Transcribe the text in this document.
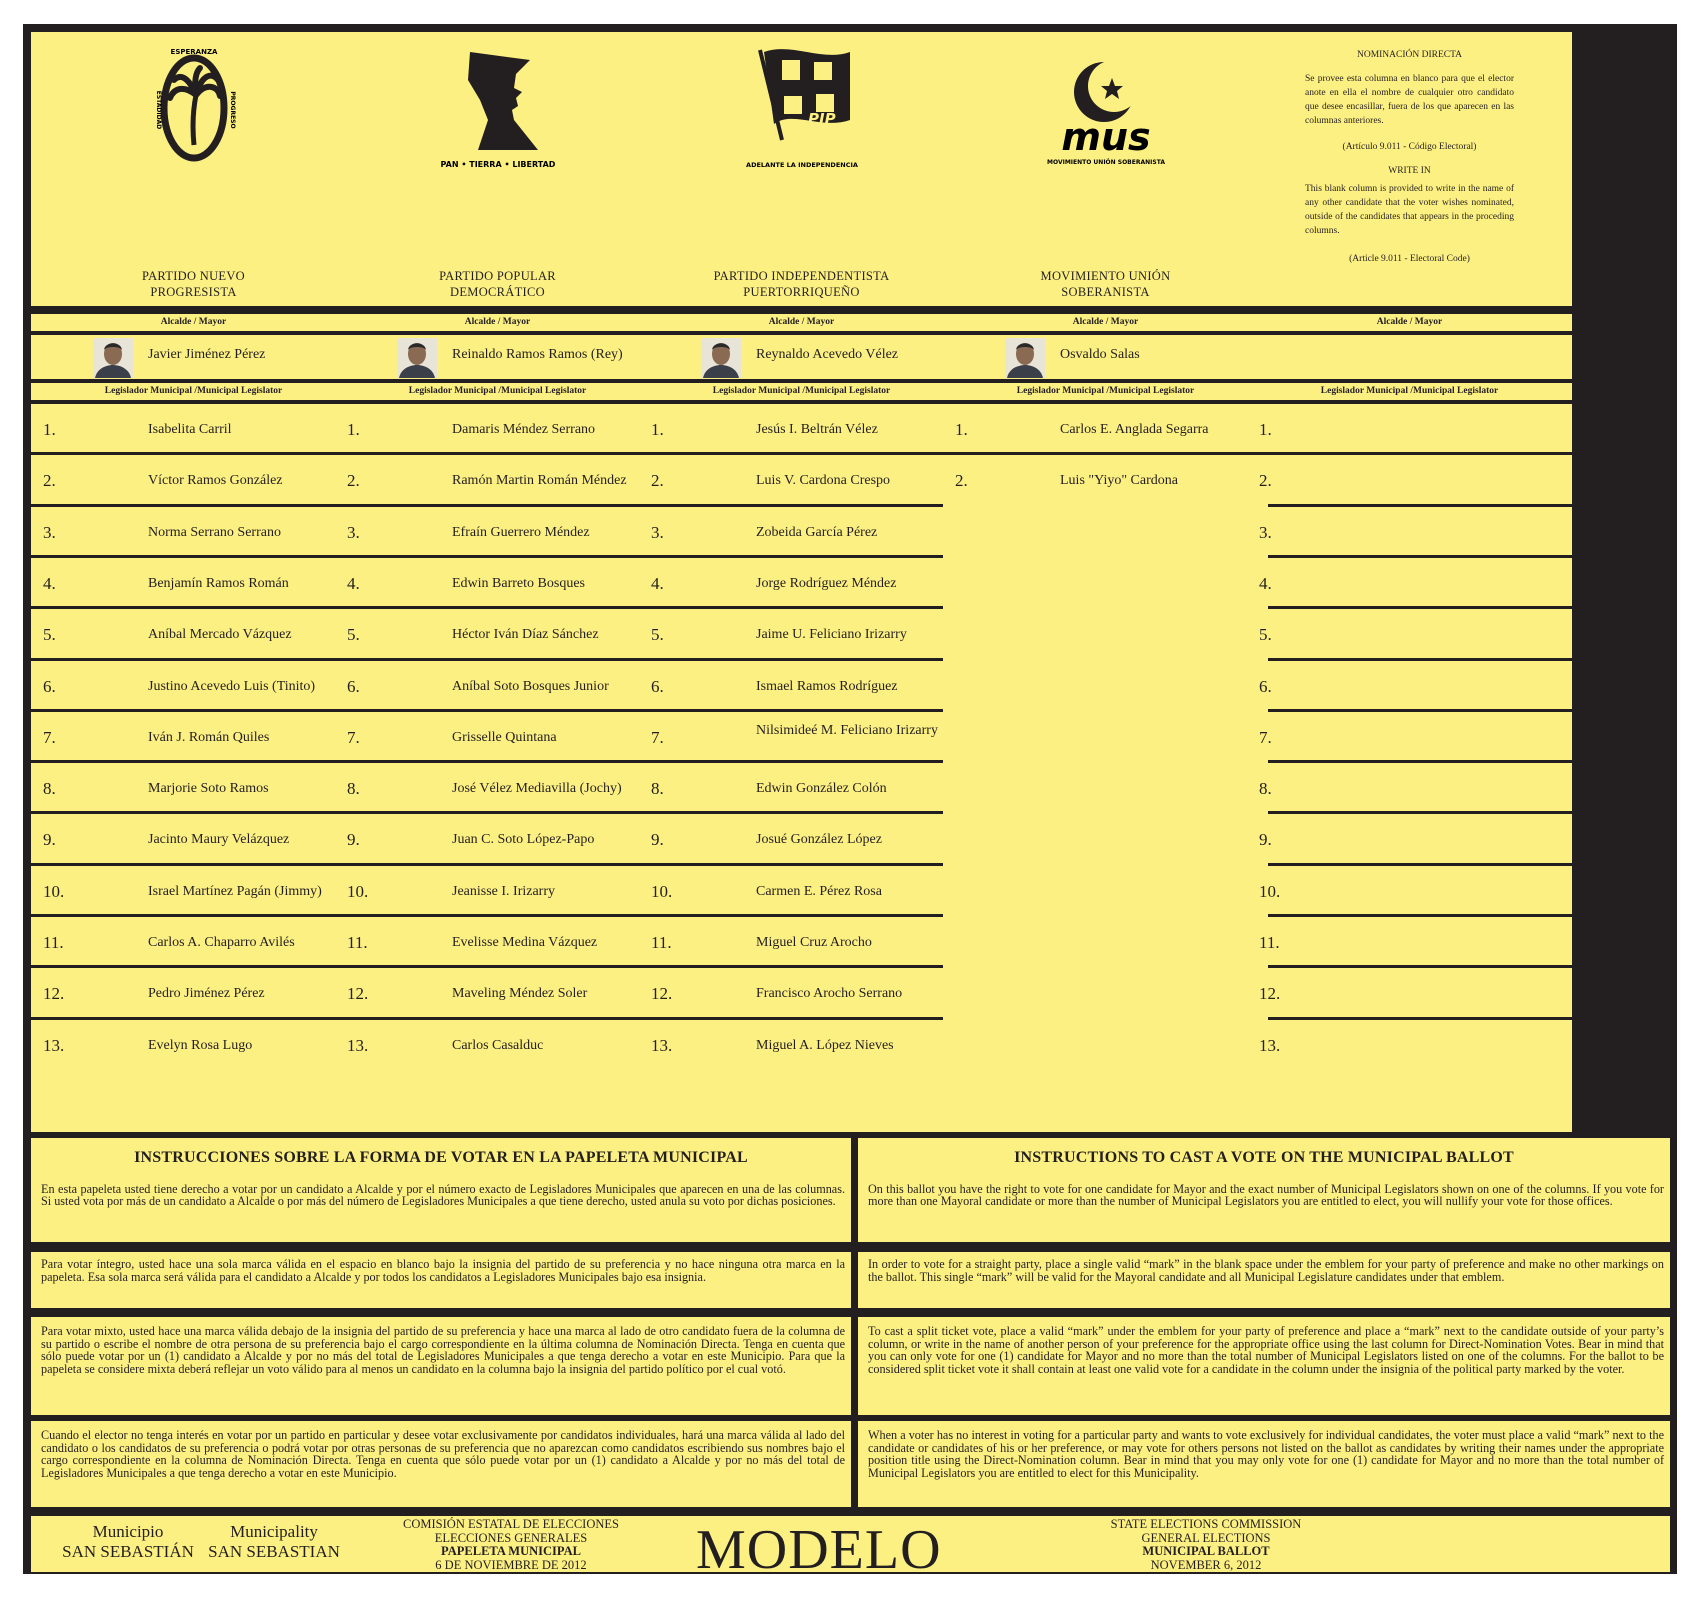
ESPERANZA
ESTADIDAD	PROGRESO
PARTIDO NUEVO
PROGRESISTA
Alcalde / Mayor
Javier Jiménez Pérez
Legislador Municipal /Municipal Legislator
1.	Isabelita Carril
2.	Víctor Ramos González
3.	Norma Serrano Serrano
4.	Benjamín Ramos Román
5.	Aníbal Mercado Vázquez
6.	Justino Acevedo Luis (Tinito)
7.	Iván J. Román Quiles
8.	Marjorie Soto Ramos
9.	Jacinto Maury Velázquez
10.	Israel Martínez Pagán (Jimmy)
11.	Carlos A. Chaparro Avilés
12.	Pedro Jiménez Pérez
13.	Evelyn Rosa Lugo
PAN • TIERRA • LIBERTAD
PARTIDO POPULAR
DEMOCRÁTICO
Alcalde / Mayor
Reinaldo Ramos Ramos (Rey)
Legislador Municipal /Municipal Legislator
1.	Damaris Méndez Serrano
2.	Ramón Martin Román Méndez
3.	Efraín Guerrero Méndez
4.	Edwin Barreto Bosques
5.	Héctor Iván Díaz Sánchez
6.	Aníbal Soto Bosques Junior
7.	Grisselle Quintana
8.	José Vélez Mediavilla (Jochy)
9.	Juan C. Soto López-Papo
10.	Jeanisse I. Irizarry
11.	Evelisse Medina Vázquez
12.	Maveling Méndez Soler
13.	Carlos Casalduc
PIP
ADELANTE LA INDEPENDENCIA
PARTIDO INDEPENDENTISTA
PUERTORRIQUEÑO
Alcalde / Mayor
Reynaldo Acevedo Vélez
Legislador Municipal /Municipal Legislator
1.	Jesús I. Beltrán Vélez
2.	Luis V. Cardona Crespo
3.	Zobeida García Pérez
4.	Jorge Rodríguez Méndez
5.	Jaime U. Feliciano Irizarry
6.	Ismael Ramos Rodríguez
7.	Nilsimideé M. Feliciano Irizarry
8.	Edwin González Colón
9.	Josué González López
10.	Carmen E. Pérez Rosa
11.	Miguel Cruz Arocho
12.	Francisco Arocho Serrano
13.	Miguel A. López Nieves
mus
MOVIMIENTO UNIÓN SOBERANISTA
MOVIMIENTO UNIÓN
SOBERANISTA
Alcalde / Mayor
Osvaldo Salas
Legislador Municipal /Municipal Legislator
1.	Carlos E. Anglada Segarra
2.	Luis "Yiyo" Cardona
NOMINACIÓN DIRECTA
Se provee esta columna en blanco para que el elector anote en ella el nombre de cualquier otro candidato que desee encasillar, fuera de los que aparecen en las columnas anteriores.
(Artículo 9.011 - Código Electoral)
WRITE IN
This blank column is provided to write in the name of any other candidate that the voter wishes nominated, outside of the candidates that appears in the proceding columns.
(Article 9.011 - Electoral Code)
Alcalde / Mayor
Legislador Municipal /Municipal Legislator
1.
2.
3.
4.
5.
6.
7.
8.
9.
10.
11.
12.
13.
INSTRUCCIONES SOBRE LA FORMA DE VOTAR EN LA PAPELETA MUNICIPAL

En esta papeleta usted tiene derecho a votar por un candidato a Alcalde y por el número exacto de Legisladores Municipales que aparecen en una de las columnas. Si usted vota por más de un candidato a Alcalde o por más del número de Legisladores Municipales a que tiene derecho, usted anula su voto por dichas posiciones.

INSTRUCTIONS TO CAST A VOTE ON THE MUNICIPAL BALLOT

On this ballot you have the right to vote for one candidate for Mayor and the exact number of Municipal Legislators shown on one of the columns. If you vote for more than one Mayoral candidate or more than the number of Municipal Legislators you are entitled to elect, you will nullify your vote for those offices.

Para votar íntegro, usted hace una sola marca válida en el espacio en blanco bajo la insignia del partido de su preferencia y no hace ninguna otra marca en la papeleta. Esa sola marca será válida para el candidato a Alcalde y por todos los candidatos a Legisladores Municipales bajo esa insignia.

In order to vote for a straight party, place a single valid “mark” in the blank space under the emblem for your party of preference and make no other markings on the ballot. This single “mark” will be valid for the Mayoral candidate and all Municipal Legislature candidates under that emblem.

Para votar mixto, usted hace una marca válida debajo de la insignia del partido de su preferencia y hace una marca al lado de otro candidato fuera de la columna de su partido o escribe el nombre de otra persona de su preferencia bajo el cargo correspondiente en la última columna de Nominación Directa. Tenga en cuenta que sólo puede votar por un (1) candidato a Alcalde y por no más del total de Legisladores Municipales a que tenga derecho a votar en este Municipio. Para que la papeleta se considere mixta deberá reflejar un voto válido para al menos un candidato en la columna bajo la insignia del partido político por el cual votó.

To cast a split ticket vote, place a valid “mark” under the emblem for your party of preference and place a “mark” next to the candidate outside of your party’s column, or write in the name of another person of your preference for the appropriate office using the last column for Direct-Nomination Votes. Bear in mind that you can only vote for one (1) candidate for Mayor and no more than the total number of Municipal Legislators listed on one of the columns. For the ballot to be considered split ticket vote it shall contain at least one valid vote for a candidate in the column under the insignia of the political party marked by the voter.

Cuando el elector no tenga interés en votar por un partido en particular y desee votar exclusivamente por candidatos individuales, hará una marca válida al lado del candidato o los candidatos de su preferencia o podrá votar por otras personas de su preferencia que no aparezcan como candidatos escribiendo sus nombres bajo el cargo correspondiente en la columna de Nominación Directa. Tenga en cuenta que sólo puede votar por un (1) candidato a Alcalde y por no más del total de Legisladores Municipales a que tenga derecho a votar en este Municipio.

When a voter has no interest in voting for a particular party and wants to vote exclusively for individual candidates, the voter must place a valid “mark” next to the candidate or candidates of his or her preference, or may vote for others persons not listed on the ballot as candidates by writing their names under the appropriate position title using the Direct-Nomination column. Bear in mind that you may only vote for one (1) candidate for Mayor and no more than the total number of Municipal Legislators you are entitled to elect for this Municipality.

Municipio
SAN SEBASTIÁN
Municipality
SAN SEBASTIAN
COMISIÓN ESTATAL DE ELECCIONES
ELECCIONES GENERALES
PAPELETA MUNICIPAL
6 DE NOVIEMBRE DE 2012	MODELO	STATE ELECTIONS COMMISSION
GENERAL ELECTIONS
MUNICIPAL BALLOT
NOVEMBER 6, 2012
